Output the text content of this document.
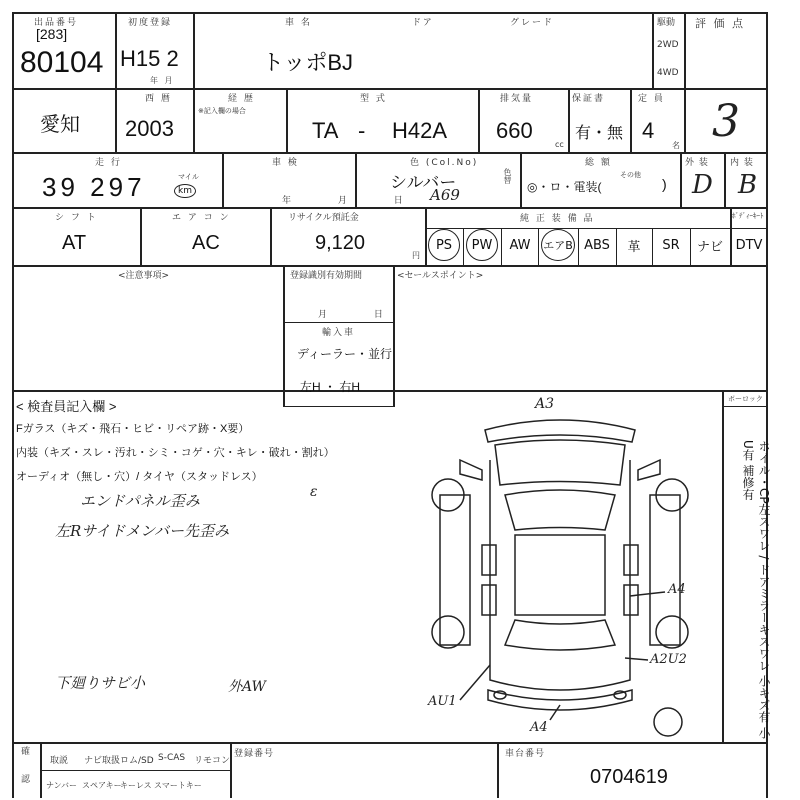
出品番号
[283]
80104
初度登録
H15 2
年 月
車 名	ドア	グレード
トッポBJ
駆動
2WD
4WD
評 価 点
3
愛知
西 暦
2003
経 歴
※記入欄の場合
型 式
TA - H42A
排気量
660
cc
保証書
有・無
定 員
4
名
走 行
39 297	マイル
km
車 検
年 月 日
色 (Col.No)
シルバー
A69
色替
総 額
◎・ロ・電装(
その他
)
外 装
D
内 装
B
シ フ ト
AT
エ ア コ ン
AC
リサイクル預託金
9,120
円
純 正 装 備 品	ﾎﾞﾃﾞｨｰｷｰﾄ
PS	PW	AW エアB ABS 革 SR ナビ DTV
<注意事項>	登録識別有効期間
月 日
輸入車
ディーラー・並行
左H ・ 右H
<セールスポイント>
< 検査員記入欄 >
Fガラス（キズ・飛石・ヒビ・リペア跡・X要）
内装（キズ・スレ・汚れ・シミ・コゲ・穴・キレ・破れ・割れ）
オーディオ（無し・穴）/ タイヤ（スタッドレス）
エンドパネル歪み
左Rサイドメンバー先歪み
ε
下廻りサビ小	外AW
ボーロック
ホイル・CP左スワレ / ドアミラーキスワレ 小キズ有 小U有 補修有
A3
A4
A2U2
AU1
A4
確 認 取説 ナビ取扱 ロム/SD S-CAS リモコン
ナンバー スペアキー
キーレス スマートキー
登録番号	車台番号
0704619
